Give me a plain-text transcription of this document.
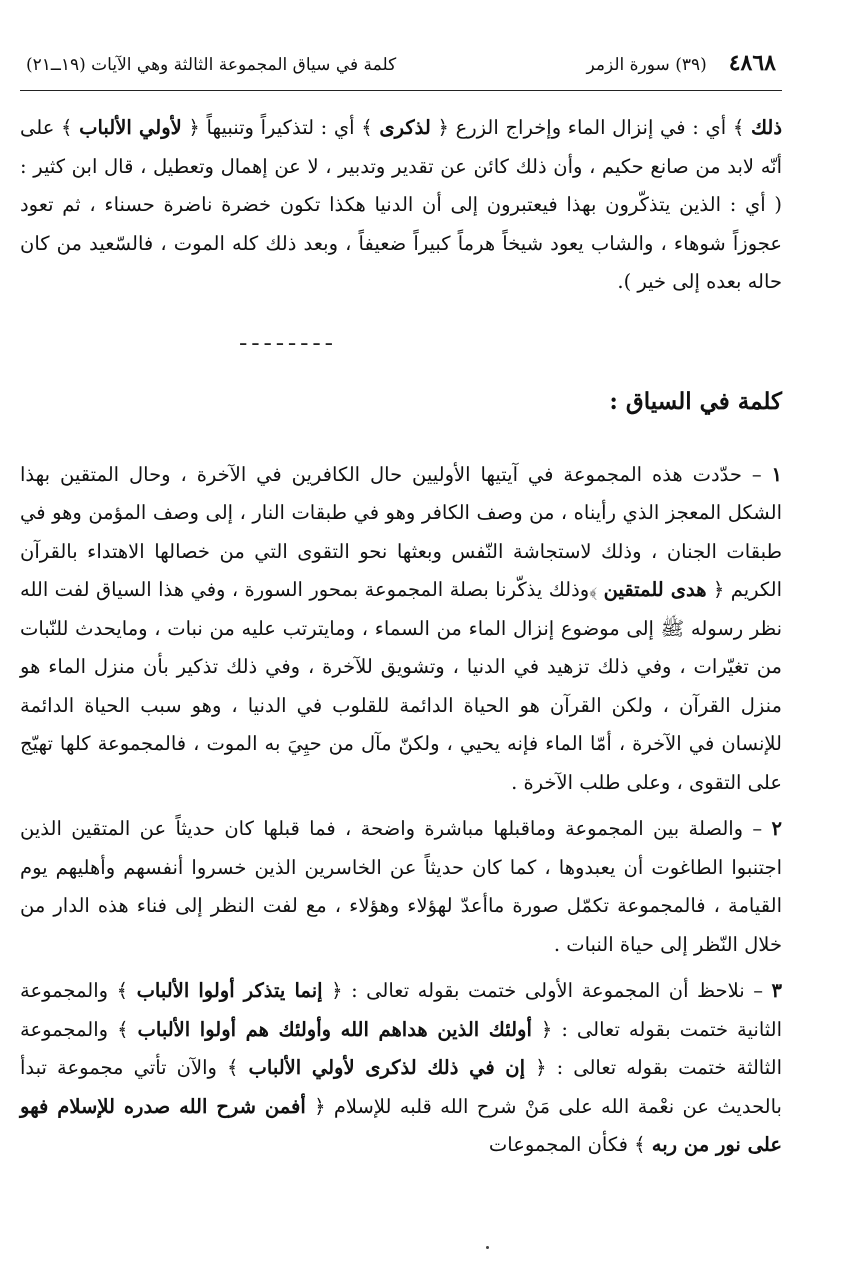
٤٨٦٨
(٣٩) سورة الزمر
كلمة في سياق المجموعة الثالثة وهي الآيات (١٩ــ٢١)

ذلك ﴾ أي : في إنزال الماء وإخراج الزرع ﴿ لذكرى ﴾ أي : لتذكيراً وتنبيهاً ﴿ لأولي الألباب ﴾ على أنّه لابد من صانع حكيم ، وأن ذلك كائن عن تقدير وتدبير ، لا عن إهمال وتعطيل ، قال ابن كثير : ( أي : الذين يتذكّرون بهذا فيعتبرون إلى أن الدنيا هكذا تكون خضرة ناضرة حسناء ، ثم تعود عجوزاً شوهاء ، والشاب يعود شيخاً هرماً كبيراً ضعيفاً ، وبعد ذلك كله الموت ، فالسّعيد من كان حاله بعده إلى خير ).

ـ ـ ـ ـ ـ ـ ـ ـ
كلمة في السياق :

١ – حدّدت هذه المجموعة في آيتيها الأوليين حال الكافرين في الآخرة ، وحال المتقين بهذا الشكل المعجز الذي رأيناه ، من وصف الكافر وهو في طبقات النار ، إلى وصف المؤمن وهو في طبقات الجنان ، وذلك لاستجاشة النّفس وبعثها نحو التقوى التي من خصالها الاهتداء بالقرآن الكريم ﴿ هدى للمتقين ﴾وذلك يذكّرنا بصلة المجموعة بمحور السورة ، وفي هذا السياق لفت الله نظر رسوله ﷺ إلى موضوع إنزال الماء من السماء ، ومايترتب عليه من نبات ، ومايحدث للنّبات من تغيّرات ، وفي ذلك تزهيد في الدنيا ، وتشويق للآخرة ، وفي ذلك تذكير بأن منزل الماء هو منزل القرآن ، ولكن القرآن هو الحياة الدائمة للقلوب في الدنيا ، وهو سبب الحياة الدائمة للإنسان في الآخرة ، أمّا الماء فإنه يحيي ، ولكنّ مآل من حيِيَ به الموت ، فالمجموعة كلها تهيّج على التقوى ، وعلى طلب الآخرة .

٢ – والصلة بين المجموعة وماقبلها مباشرة واضحة ، فما قبلها كان حديثاً عن المتقين الذين اجتنبوا الطاغوت أن يعبدوها ، كما كان حديثاً عن الخاسرين الذين خسروا أنفسهم وأهليهم يوم القيامة ، فالمجموعة تكمّل صورة ماأعدّ لهؤلاء وهؤلاء ، مع لفت النظر إلى فناء هذه الدار من خلال النّظر إلى حياة النبات .

٣ – نلاحظ أن المجموعة الأولى ختمت بقوله تعالى : ﴿ إنما يتذكر أولوا الألباب ﴾ والمجموعة الثانية ختمت بقوله تعالى : ﴿ أولئك الذين هداهم الله وأولئك هم أولوا الألباب ﴾ والمجموعة الثالثة ختمت بقوله تعالى : ﴿ إن في ذلك لذكرى لأولي الألباب ﴾ والآن تأتي مجموعة تبدأ بالحديث عن نعْمة الله على مَنْ شرح الله قلبه للإسلام ﴿ أفمن شرح الله صدره للإسلام فهو على نور من ربه ﴾ فكأن المجموعات
